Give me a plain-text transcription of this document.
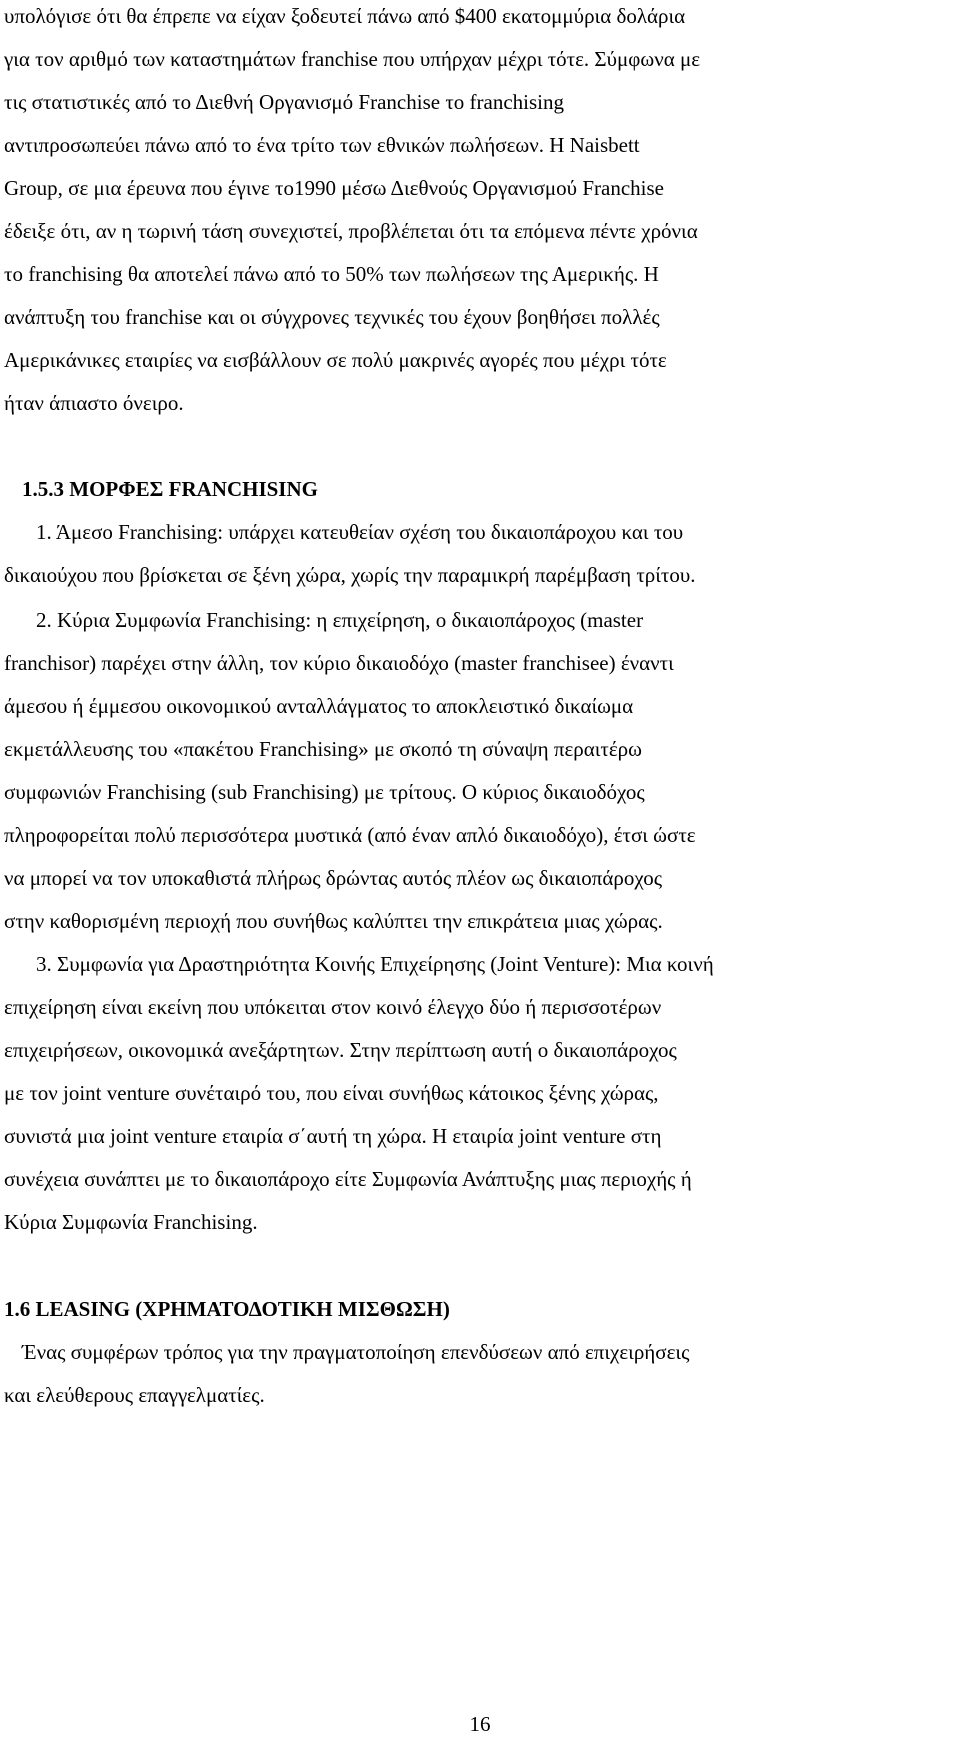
υπολόγισε ότι θα έπρεπε να είχαν ξοδευτεί πάνω από $400 εκατομμύρια δολάρια

για τον αριθμό των καταστημάτων franchise που υπήρχαν μέχρι τότε. Σύμφωνα με

τις στατιστικές από το Διεθνή Οργανισμό Franchise το franchising

αντιπροσωπεύει πάνω από το ένα τρίτο των εθνικών πωλήσεων. Η Naisbett

Group, σε μια έρευνα που έγινε το1990 μέσω Διεθνούς Οργανισμού Franchise

έδειξε ότι, αν η τωρινή τάση συνεχιστεί, προβλέπεται ότι τα επόμενα πέντε χρόνια

το franchising θα αποτελεί πάνω από το 50% των πωλήσεων της Αμερικής. Η

ανάπτυξη του franchise και οι σύγχρονες τεχνικές του έχουν βοηθήσει πολλές

Αμερικάνικες εταιρίες να εισβάλλουν σε πολύ μακρινές αγορές που μέχρι τότε

ήταν άπιαστο όνειρο.

1.5.3 ΜΟΡΦΕΣ FRANCHISING

1. Άμεσο Franchising: υπάρχει κατευθείαν σχέση του δικαιοπάροχου και του

δικαιούχου που βρίσκεται σε ξένη χώρα, χωρίς την παραμικρή παρέμβαση τρίτου.

2. Κύρια Συμφωνία Franchising: η επιχείρηση, ο δικαιοπάροχος (master

franchisor) παρέχει στην άλλη, τον κύριο δικαιοδόχο (master franchisee) έναντι

άμεσου ή έμμεσου οικονομικού ανταλλάγματος το αποκλειστικό δικαίωμα

εκμετάλλευσης του «πακέτου Franchising» με σκοπό τη σύναψη περαιτέρω

συμφωνιών Franchising (sub Franchising) με τρίτους. Ο κύριος δικαιοδόχος

πληροφορείται πολύ περισσότερα μυστικά (από έναν απλό δικαιοδόχο), έτσι ώστε

να μπορεί να τον υποκαθιστά πλήρως δρώντας αυτός πλέον ως δικαιοπάροχος

στην καθορισμένη περιοχή που συνήθως καλύπτει την επικράτεια μιας χώρας.

3. Συμφωνία για Δραστηριότητα Κοινής Επιχείρησης (Joint Venture): Μια κοινή

επιχείρηση είναι εκείνη που υπόκειται στον κοινό έλεγχο δύο ή περισσοτέρων

επιχειρήσεων, οικονομικά ανεξάρτητων. Στην περίπτωση αυτή ο δικαιοπάροχος

με τον joint venture συνέταιρό του, που είναι συνήθως κάτοικος ξένης χώρας,

συνιστά μια joint venture εταιρία σ΄αυτή τη χώρα. Η εταιρία joint venture στη

συνέχεια συνάπτει με το δικαιοπάροχο είτε Συμφωνία Ανάπτυξης μιας περιοχής ή

Κύρια Συμφωνία Franchising.

1.6 LEASING (ΧΡΗΜΑΤΟΔΟΤΙΚΗ ΜΙΣΘΩΣΗ)

Ένας συμφέρων τρόπος για την πραγματοποίηση επενδύσεων από επιχειρήσεις

και ελεύθερους επαγγελματίες.

16
